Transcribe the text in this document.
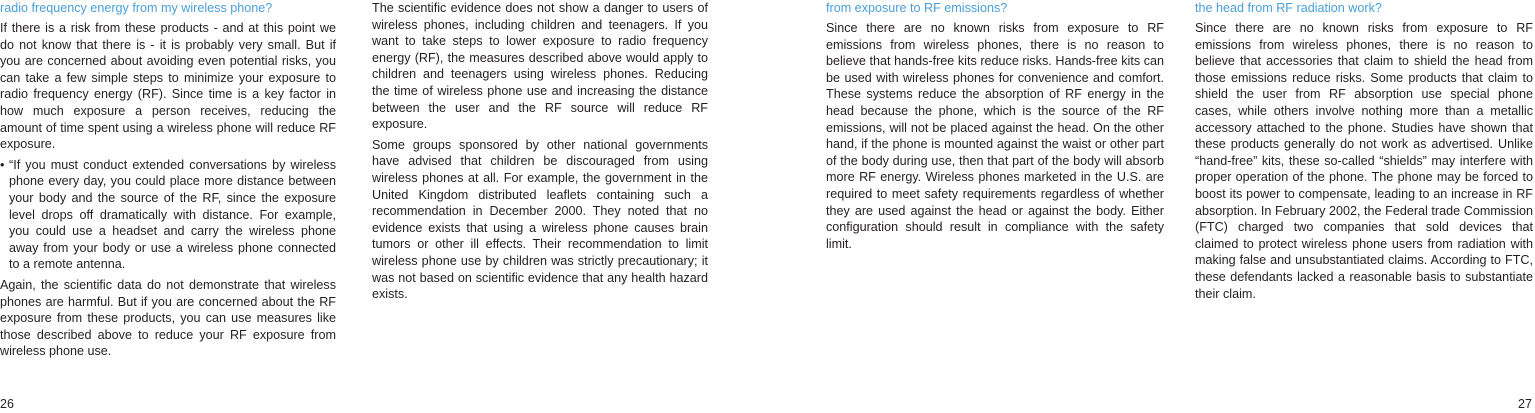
radio frequency energy from my wireless phone?

If there is a risk from these products - and at this point we do not know that there is - it is probably very small. But if you are concerned about avoiding even potential risks, you can take a few simple steps to minimize your exposure to radio frequency energy (RF). Since time is a key factor in how much exposure a person receives, reducing the amount of time spent using a wireless phone will reduce RF exposure.

• “If you must conduct extended conversations by wireless phone every day, you could place more distance between your body and the source of the RF, since the exposure level drops off dramatically with distance. For example, you could use a headset and carry the wireless phone away from your body or use a wireless phone connected to a remote antenna.

Again, the scientific data do not demonstrate that wireless phones are harmful. But if you are concerned about the RF exposure from these products, you can use measures like those described above to reduce your RF exposure from wireless phone use.

The scientific evidence does not show a danger to users of wireless phones, including children and teenagers. If you want to take steps to lower exposure to radio frequency energy (RF), the measures described above would apply to children and teenagers using wireless phones. Reducing the time of wireless phone use and increasing the distance between the user and the RF source will reduce RF exposure.

Some groups sponsored by other national governments have advised that children be discouraged from using wireless phones at all. For example, the government in the United Kingdom distributed leaflets containing such a recommendation in December 2000. They noted that no evidence exists that using a wireless phone causes brain tumors or other ill effects. Their recommendation to limit wireless phone use by children was strictly precautionary; it was not based on scientific evidence that any health hazard exists.

from exposure to RF emissions?

Since there are no known risks from exposure to RF emissions from wireless phones, there is no reason to believe that hands-free kits reduce risks. Hands-free kits can be used with wireless phones for convenience and comfort. These systems reduce the absorption of RF energy in the head because the phone, which is the source of the RF emissions, will not be placed against the head. On the other hand, if the phone is mounted against the waist or other part of the body during use, then that part of the body will absorb more RF energy. Wireless phones marketed in the U.S. are required to meet safety requirements regardless of whether they are used against the head or against the body. Either configuration should result in compliance with the safety limit.

the head from RF radiation work?

Since there are no known risks from exposure to RF emissions from wireless phones, there is no reason to believe that accessories that claim to shield the head from those emissions reduce risks. Some products that claim to shield the user from RF absorption use special phone cases, while others involve nothing more than a metallic accessory attached to the phone. Studies have shown that these products generally do not work as advertised. Unlike “hand-free” kits, these so-called “shields” may interfere with proper operation of the phone. The phone may be forced to boost its power to compensate, leading to an increase in RF absorption. In February 2002, the Federal trade Commission (FTC) charged two companies that sold devices that claimed to protect wireless phone users from radiation with making false and unsubstantiated claims. According to FTC, these defendants lacked a reasonable basis to substantiate their claim.

26	27
